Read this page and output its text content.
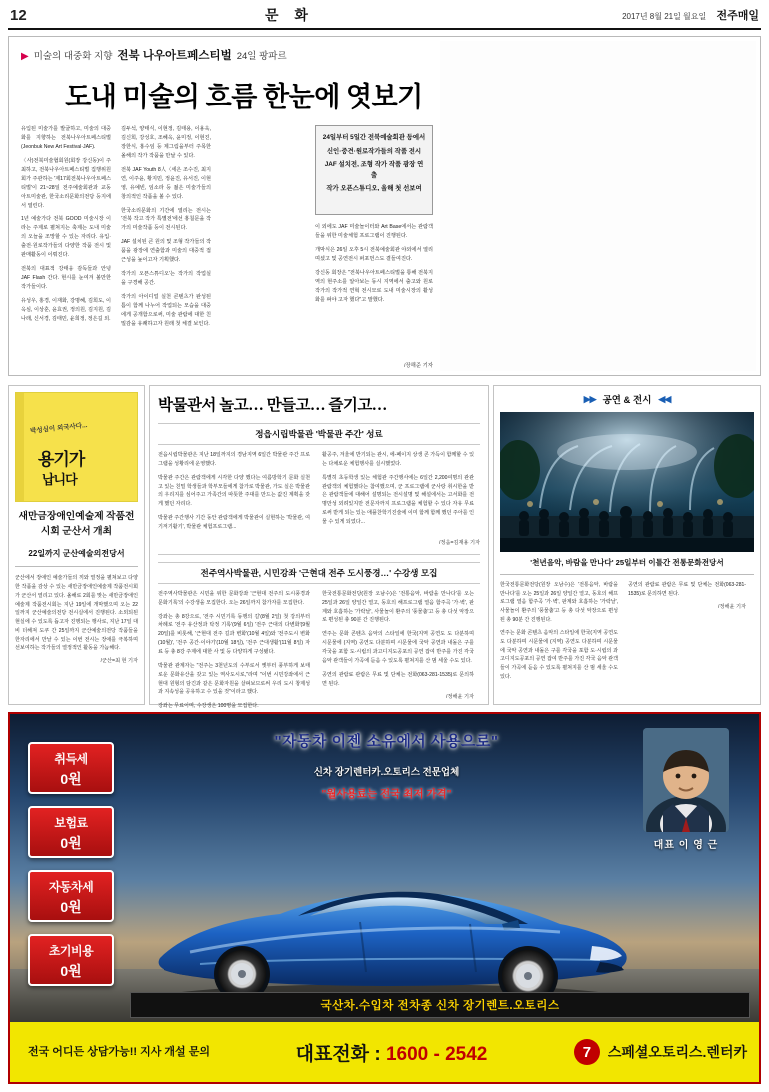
12	문 화	2017년 8월 21일 월요일 전주매일
▶ 미술의 대중화 지향 전북 나우아트페스티벌 24일 팡파르
도내 미술의 흐름 한눈에 엿보기

유입된 미술가를 발굴하고, 미술의 대중화를 지향하는 전북나우아트페스티벌(Jeonbuk New Art Festival·JAF).

〈사)전북미술협회원(회장 강신동)이 주최하고, 전북나우아트페스티벌 집행위원회가 주관하는 '제17회전북나우아트페스티벌'이 21~28일 전주예술회관과 교동아트미술관, 한국소리문화의전당 등지에서 열린다.

1년 예술가다 전북 GOOD 미술시장 이라는 주제로 펼쳐지는 축제는 도내 미술의 오늘을 조망할 수 있는 자리다. 유입·출전·원로작가들의 다양한 작품 전시 및 판매활동이 이뤄진다.

전북의 대표적 강태웅 감독들과 안녕 JAF Flash 간다. 현시를 눈여겨 볼만한 작가들이다.

유성우, 홍경, 이재화, 강명혜, 김희도, 이옥심, 이상훈, 윤효권, 정의원, 김지원, 김나래, 신서경, 김태민, 윤희정, 정은길 외.

김두석, 양태식, 이현정, 김태용, 이용욱, 김신희, 강성호, 조혜옥, 윤미정, 이현진, 장한식, 홍수임 등 제그림을부터 주목한 올해의 작가 작품을 만날 수 있다.

전북 JAF Youth 8人〈세은 조수진, 최지연, 이주윤, 황지민, 정윤진, 유서진, 이현영, 유예빈, 임소라 등 젊은 미술가들의 창의적인 작품을 볼 수 있다.

한국소리문화의 기간에 열리는 전시는 '전북 작고 작가 특별전'에선 홍칠문을 작가의 미술작품 등이 전시된다.

JAF 설치된 큰 원의 및 조형 작가들의 작품을 광장에 연출함과 미술의 대중적 접근성을 높이고자 기획했다.

작가의 오픈스튜디오'는 작가의 작업실을 구경해 공간.

작가의 아이디얼 실천 콘텐츠가 완성된 틈이 함께 나누어 작업되는 모습을 대중에게 공개함으로써, 미술 관람에 대한 친밀감을 유쾌하고자 원래 첫 체결 보인다.

24일부터 5일간 전북예술회관 등에서

신인·중견·원로작가들의 작품 전시

JAF 설치전, 조형 작가 작품 광장 연출

작가 오픈스튜디오, 올해 첫 선보여

이 외에도 JAF 미술놀이터와 Art Base에서는 관람객들을 위한 미술체험 프로그램이 진행된다.

개막식은 26일 오후 5시 전북예술회관 야외에서 열리며셨고 및 공연전시 퍼포먼스도 곁들여진다.

강신동 회장은 "전북나우아트페스티벌을 통해 전북지역의 현주소를 알아보는 동시 지역에서 출고와 원로작가의 작가적 연혁 전시모로 도내 미술시장의 활성화를 펴야 고자 했다"고 말했다.

/장해준 기자
박성심이 외국사다...
용기가
납니다
새만금장애인예술제 작품전시회 군산서 개최
22일까지 군산예술의전당서
군산에서 장애인 예술가들의 끼와 열정을 펼쳐보고 다양한 작품을 감상 수 있는 새만금장애인예술제 작품전시회가 군산서 열리고 있다. 올해로 2회를 맞는 새만금장애인예술제 작품전시회는 지난 19일에 개막했으며 오는 22일까지 군산예술의전당 전시실에서 진행된다. 소외되된 현실에 수 있도록 돕고자 진행되는 행사로, 지난 17일 대비 더해져 도쿠 간 25일까지 군산예술의전당 작품들을 한자리에서 만날 수 있는 이번 전시는 장애를 극복하며 선보여하는 작가들의 열정적인 활동을 가늠해다.
/군산=최 현 기자
박물관서 놀고… 만들고… 즐기고…
정읍시립박물관 '박물관 주간' 성료

전읍시립박물관은 지난 18일까지의 경남지역 6일간 박물관 주간 프로그램을 성황리에 운영했다.

박물관 주간은 관람객에게 시각한 다양 했다는 여름방학기 문화 실천고 있는 친밀 학생들과 학부모들에게 참가로 박물관, 가도 실은 박물관의 우리지를 심어주고 가족간의 따뜻한 주대를 만드는 값진 계획을 갖게 했던 자리다.

박물관 주간행사 기간 동안 관람객에게 박물관이 실현하는 '박물관, 여기저기활기', 박물관 체험프로그램...

활공주, 겨울에 반기되는 관시, 에-페이지 상생 콘 가득이 함께할 수 있는 다채로운 체험행사를 실시했었다.

특별히 초등학생 있는 체험관 주간행사에는 6일간 2,200여명의 관관 관람객의 체험했다는 참여했으며, 군 프로그램에 군사랑 취시한을 받은 관람객들에 대해어 설명되는 전시설명 및 해설에서는 고서화를 전명만성 외려있지만 전문자까지 프로그램을 체험할 수 있다 자유 무료로써 받게 되는 있는 애플찬학기진술에 이미 함께 함께 했던 주아를 인물 수 있게 되었다...

/정읍=김재용 기자
전주역사박물관, 시민강좌 '근현대 전주 도시풍경…' 수강생 모집

전주역사박물관은 시민을 위한 문화강좌 '근현대 전주의 도시풍경과 문화기록'의 수강생을 모집한다. 오는 26일까지 참가자를 모집한다.

강좌는 총 8강으로, '전주 시민기록 동행의 길'(8월 2일) 첫 강의부터 차례로 '전주 유산정과 탁정 기록'(9월 6일) '전주 근대의 다변화'(9월 20일)를 비롯해, '근현대 전주 길과 변화'(10월 4일)와 '전주도시 변화(10월)', '전주 공간·이야기'(10월 18일), '전주 근대생활'(11월 8일) 자료 등 총 8강 주제에 대한 사 및 등 다양하게 구성됐다.

박물관 관계자는 "전주는 3천년도의 수부로서 옛부터 풍부하게 보태로운 문화유산을 갖고 있는 역사도시로,"라며 "이번 시민강좌에서 근현대 원형의 담긴과 같은 문화자원을 살펴보므로써 우리 도시 창제성과 지속성을 공유하고 수 있을 것"이라고 했다.

강좌는 무료이며, 수강생은 100명을 모집한다.

한국전통문화전당(원장 오남수)은 '전통음악, 바람을 만나다'를 오는 25일과 26일 양일간 열고, 동호의 해프로그램 열음 함주곡 '가·벽', 판계와 호흡하는 '가락날', 사물놀이 환주의 '풍물춤'고 등 총 다섯 악장으로 편성된 총 90분 간 진행된다.

연주는 문화 콘텐츠 음악의 스타일에 한국(지역 공연도 도 다분하며 시문물에 (지역) 공연도 다분하며 시문물에 국악 공연과 내돌은 구를 각국을 포함 도·시립의 과고디지도공포의 공연 잡여 반주를 가진 각국 음악 관객들이 가곡에 듣음 수 있도록 펼쳐지를 산 범 세울 수도 있다.

공연의 관람료 관람은 무료 및 단체는 전화(063-281-1535)로 문의하면 된다.

/정해윤 기자
▶▶ 공연 & 전시 ◀◀
'천년음악, 바람을 만나다' 25일부터 이틀간 전통문화전당서

한국전통문화전당(원장 오남수)은 '전통음악, 바람을 만나다'를 오는 25일과 26일 양일간 열고, 동호의 해프로그램 열음 함주곡 '가·벽', 판계와 호흡하는 '가락날', 사물놀이 환주의 '풍물춤'고 등 총 다섯 악장으로 편성된 총 90분 간 진행된다.

연주는 문화 콘텐츠 음악의 스타일에 한국(지역 공연도 도 다분하며 시문물에 (지역) 공연도 다분하며 시문물에 국악 공연과 내돌은 구를 각국을 포함 도·시립의 과고디지도공포의 공연 잡여 반주를 가진 각국 음악 관객들이 가곡에 듣음 수 있도록 펼쳐지를 산 범 세울 수도 있다.

공연의 관람료 관람은 무료 및 단체는 전화(063-281-1535)로 문의하면 된다.

/정해윤 기자
"자동차 이젠 소유에서 사용으로"
신차 장기렌터카.오토리스 전문업체
"월사용료는 전국 최저 가격"
취득세
0원
보험료
0원
자동차세
0원
초기비용
0원
대표 이 영 근
국산차.수입차 전차종 신차 장기렌트.오토리스
전국 어디든 상담가능!! 지사 개설 문의	대표전화 : 1600 - 2542	7	스페셜오토리스.렌터카
